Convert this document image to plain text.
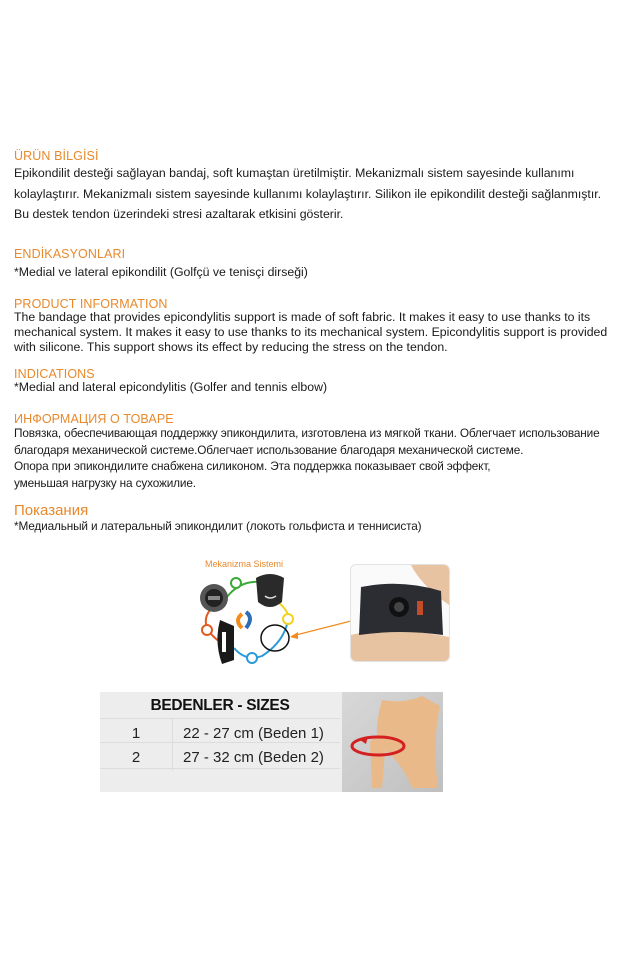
ÜRÜN BİLGİSİ
Epikondilit desteği sağlayan bandaj, soft kumaştan üretilmiştir. Mekanizmalı sistem sayesinde kullanımı
kolaylaştırır. Mekanizmalı sistem sayesinde kullanımı kolaylaştırır. Silikon ile epikondilit desteği sağlanmıştır.
Bu destek tendon üzerindeki stresi azaltarak etkisini gösterir.
ENDİKASYONLARI
*Medial ve lateral epikondilit (Golfçü ve tenisçi dirseği)
PRODUCT INFORMATION
The bandage that provides epicondylitis support is made of soft fabric. It makes it easy to use thanks to its
mechanical system. It makes it easy to use thanks to its mechanical system. Epicondylitis support is provided
with silicone. This support shows its effect by reducing the stress on the tendon.
INDICATIONS
*Medial and lateral epicondylitis (Golfer and tennis elbow)
ИНФОРМАЦИЯ О ТОВАРЕ
Повязка, обеспечивающая поддержку эпикондилита, изготовлена из мягкой ткани. Облегчает использование
благодаря механической системе.Облегчает использование благодаря механической системе.
Опора при эпикондилите снабжена силиконом. Эта поддержка показывает свой эффект,
уменьшая нагрузку на сухожилие.
Показания
*Медиальный и латеральный эпикондилит (локоть гольфиста и теннисиста)
Mekanizma Sistemi
BEDENLER - SIZES
1	22 - 27 cm (Beden 1)
2	27 - 32 cm (Beden 2)
